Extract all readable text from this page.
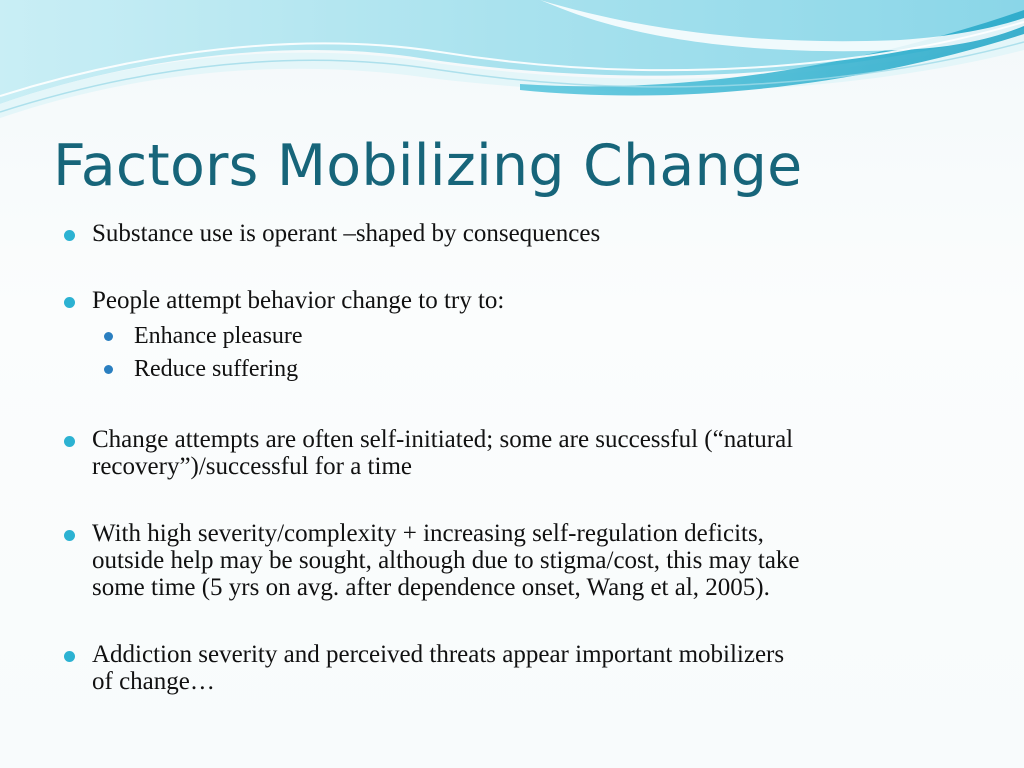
Factors Mobilizing Change
Substance use is operant –shaped by consequences
People attempt behavior change to try to:
Enhance pleasure
Reduce suffering
Change attempts are often self-initiated; some are successful (“natural
recovery”)/successful for a time
With high severity/complexity + increasing self-regulation deficits,
outside help may be sought, although due to stigma/cost, this may take
some time (5 yrs on avg. after dependence onset, Wang et al, 2005).
Addiction severity and perceived threats appear important mobilizers
of change…
